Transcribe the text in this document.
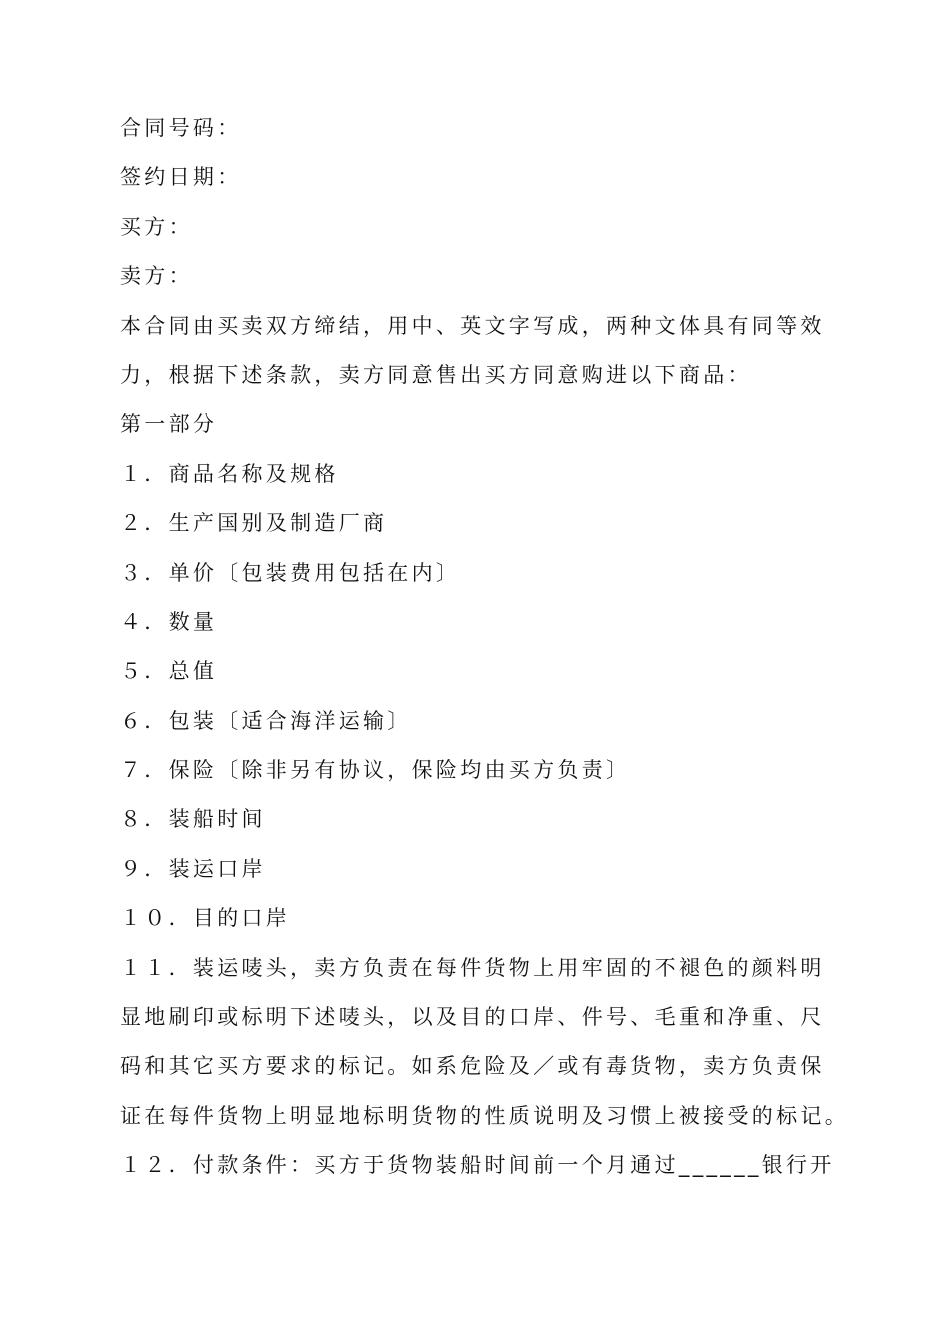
合同号码：
签约日期：
买方：
卖方：
本合同由买卖双方缔结，用中、英文字写成，两种文体具有同等效
力，根据下述条款，卖方同意售出买方同意购进以下商品：
第一部分
１．商品名称及规格
２．生产国别及制造厂商
３．单价〔包装费用包括在内〕
４．数量
５．总值
６．包装〔适合海洋运输〕
７．保险〔除非另有协议，保险均由买方负责〕
８．装船时间
９．装运口岸
１０．目的口岸
１１．装运唛头，卖方负责在每件货物上用牢固的不褪色的颜料明
显地刷印或标明下述唛头，以及目的口岸、件号、毛重和净重、尺
码和其它买方要求的标记。如系危险及／或有毒货物，卖方负责保
证在每件货物上明显地标明货物的性质说明及习惯上被接受的标记。
１２．付款条件：买方于货物装船时间前一个月通过______银行开
